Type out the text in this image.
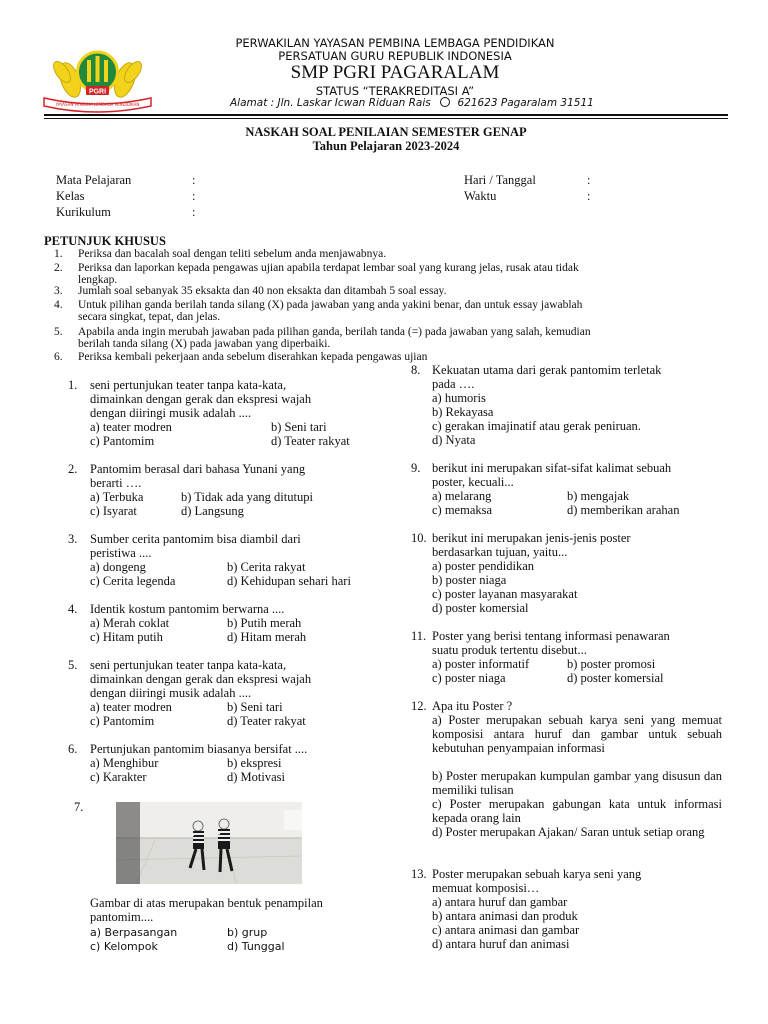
PGRI
YAYASAN PEMBINA LEMBAGA PENDIDIKAN
PERWAKILAN YAYASAN PEMBINA LEMBAGA PENDIDIKAN
PERSATUAN GURU REPUBLIK INDONESIA
SMP PGRI PAGARALAM
STATUS “TERAKREDITASI A”
Alamat : Jln. Laskar Icwan Riduan Rais	621623 Pagaralam 31511
NASKAH SOAL PENILAIAN SEMESTER GENAP
Tahun Pelajaran 2023-2024
Mata Pelajaran	:
Kelas	:
Kurikulum	:
Hari / Tanggal	:
Waktu	:
PETUNJUK KHUSUS
1. Periksa dan bacalah soal dengan teliti sebelum anda menjawabnya.
2. Periksa dan laporkan kepada pengawas ujian apabila terdapat lembar soal yang kurang jelas, rusak atau tidak
lengkap.
3. Jumlah soal sebanyak 35 eksakta dan 40 non eksakta dan ditambah 5 soal essay.
4. Untuk pilihan ganda berilah tanda silang (X) pada jawaban yang anda yakini benar, dan untuk essay jawablah
secara singkat, tepat, dan jelas.
5. Apabila anda ingin merubah jawaban pada pilihan ganda, berilah tanda (=) pada jawaban yang salah, kemudian
berilah tanda silang (X) pada jawaban yang diperbaiki.
6. Periksa kembali pekerjaan anda sebelum diserahkan kepada pengawas ujian
1. seni pertunjukan teater tanpa kata-kata,
dimainkan dengan gerak dan ekspresi wajah
dengan diiringi musik adalah ....
a) teater modren	b) Seni tari
c) Pantomim	d) Teater rakyat
2. Pantomim berasal dari bahasa Yunani yang
berarti ….
a) Terbuka	b) Tidak ada yang ditutupi
c) Isyarat	d) Langsung
3. Sumber cerita pantomim bisa diambil dari
peristiwa ....
a) dongeng	b) Cerita rakyat
c) Cerita legenda	d) Kehidupan sehari hari
4. Identik kostum pantomim berwarna ....
a) Merah coklat	b) Putih merah
c) Hitam putih	d) Hitam merah
5. seni pertunjukan teater tanpa kata-kata,
dimainkan dengan gerak dan ekspresi wajah
dengan diiringi musik adalah ....
a) teater modren	b) Seni tari
c) Pantomim	d) Teater rakyat
6. Pertunjukan pantomim biasanya bersifat ....
a) Menghibur	b) ekspresi
c) Karakter	d) Motivasi
7.
Gambar di atas merupakan bentuk penampilan
pantomim....
a) Berpasangan	b) grup
c) Kelompok	d) Tunggal
8. Kekuatan utama dari gerak pantomim terletak
pada ….
a) humoris
b) Rekayasa
c) gerakan imajinatif atau gerak peniruan.
d) Nyata
9. berikut ini merupakan sifat-sifat kalimat sebuah
poster, kecuali...
a) melarang	b) mengajak
c) memaksa	d) memberikan arahan
10. berikut ini merupakan jenis-jenis poster
berdasarkan tujuan, yaitu...
a) poster pendidikan
b) poster niaga
c) poster layanan masyarakat
d) poster komersial
11. Poster yang berisi tentang informasi penawaran
suatu produk tertentu disebut...
a) poster informatif	b) poster promosi
c) poster niaga	d) poster komersial
12. Apa itu Poster ?
a) Poster merupakan sebuah karya seni yang memuat komposisi antara huruf dan gambar untuk sebuah kebutuhan penyampaian informasi
b) Poster merupakan kumpulan gambar yang disusun dan memiliki tulisan
c) Poster merupakan gabungan kata untuk informasi kepada orang lain
d) Poster merupakan Ajakan/ Saran untuk setiap orang
13. Poster merupakan sebuah karya seni yang
memuat komposisi…
a) antara huruf dan gambar
b) antara animasi dan produk
c) antara animasi dan gambar
d) antara huruf dan animasi
